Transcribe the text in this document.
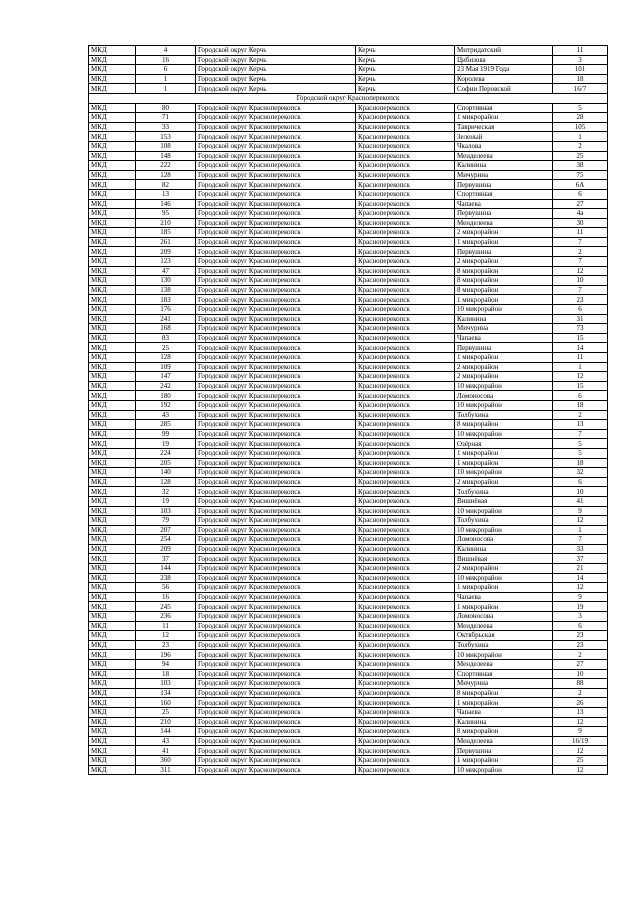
МКД	4	Городской округ Керчь	Керчь	Митридатский	11
МКД	16	Городской округ Керчь	Керчь	Цибизова	3
МКД	6	Городской округ Керчь	Керчь	23 Мая 1919 Года	101
МКД	1	Городской округ Керчь	Керчь	Королева	18
МКД	1	Городской округ Керчь	Керчь	Софии Перовской	16/7
Городской округ Красноперекопск					
МКД	80	Городской округ Красноперекопск	Красноперекопск	Спортивная	5
МКД	71	Городской округ Красноперекопск	Красноперекопск	1 микрорайон	28
МКД	33	Городской округ Красноперекопск	Красноперекопск	Таврическая	105
МКД	153	Городской округ Красноперекопск	Красноперекопск	Зеленый	1
МКД	108	Городской округ Красноперекопск	Красноперекопск	Чкалова	2
МКД	148	Городской округ Красноперекопск	Красноперекопск	Менделеева	25
МКД	222	Городской округ Красноперекопск	Красноперекопск	Калинина	38
МКД	128	Городской округ Красноперекопск	Красноперекопск	Мичурина	75
МКД	82	Городской округ Красноперекопск	Красноперекопск	Первушина	6А
МКД	13	Городской округ Красноперекопск	Красноперекопск	Спортивная	6
МКД	146	Городской округ Красноперекопск	Красноперекопск	Чапаева	27
МКД	95	Городской округ Красноперекопск	Красноперекопск	Первушина	4а
МКД	210	Городской округ Красноперекопск	Красноперекопск	Менделеева	30
МКД	185	Городской округ Красноперекопск	Красноперекопск	2 микрорайон	11
МКД	261	Городской округ Красноперекопск	Красноперекопск	1 микрорайон	7
МКД	209	Городской округ Красноперекопск	Красноперекопск	Первушина	2
МКД	123	Городской округ Красноперекопск	Красноперекопск	2 микрорайон	7
МКД	47	Городской округ Красноперекопск	Красноперекопск	8 микрорайон	12
МКД	130	Городской округ Красноперекопск	Красноперекопск	8 микрорайон	10
МКД	138	Городской округ Красноперекопск	Красноперекопск	8 микрорайон	7
МКД	183	Городской округ Красноперекопск	Красноперекопск	1 микрорайон	23
МКД	176	Городской округ Красноперекопск	Красноперекопск	10 микрорайон	6
МКД	241	Городской округ Красноперекопск	Красноперекопск	Калинина	31
МКД	168	Городской округ Красноперекопск	Красноперекопск	Мичурина	73
МКД	83	Городской округ Красноперекопск	Красноперекопск	Чапаева	15
МКД	25	Городской округ Красноперекопск	Красноперекопск	Первушина	14
МКД	128	Городской округ Красноперекопск	Красноперекопск	1 микрорайон	11
МКД	109	Городской округ Красноперекопск	Красноперекопск	2 микрорайон	1
МКД	147	Городской округ Красноперекопск	Красноперекопск	2 микрорайон	12
МКД	242	Городской округ Красноперекопск	Красноперекопск	10 микрорайон	15
МКД	180	Городской округ Красноперекопск	Красноперекопск	Ломоносова	6
МКД	192	Городской округ Красноперекопск	Красноперекопск	10 микрорайон	18
МКД	43	Городской округ Красноперекопск	Красноперекопск	Толбухина	2
МКД	285	Городской округ Красноперекопск	Красноперекопск	8 микрорайон	13
МКД	99	Городской округ Красноперекопск	Красноперекопск	10 микрорайон	7
МКД	19	Городской округ Красноперекопск	Красноперекопск	Озёрная	5
МКД	224	Городской округ Красноперекопск	Красноперекопск	1 микрорайон	5
МКД	205	Городской округ Красноперекопск	Красноперекопск	1 микрорайон	18
МКД	140	Городской округ Красноперекопск	Красноперекопск	10 микрорайон	32
МКД	128	Городской округ Красноперекопск	Красноперекопск	2 микрорайон	6
МКД	32	Городской округ Красноперекопск	Красноперекопск	Толбухина	10
МКД	19	Городской округ Красноперекопск	Красноперекопск	Вишнёвая	41
МКД	103	Городской округ Красноперекопск	Красноперекопск	10 микрорайон	9
МКД	79	Городской округ Красноперекопск	Красноперекопск	Толбухина	12
МКД	207	Городской округ Красноперекопск	Красноперекопск	10 микрорайон	1
МКД	254	Городской округ Красноперекопск	Красноперекопск	Ломоносова	7
МКД	209	Городской округ Красноперекопск	Красноперекопск	Калинина	33
МКД	37	Городской округ Красноперекопск	Красноперекопск	Вишнёвая	37
МКД	144	Городской округ Красноперекопск	Красноперекопск	2 микрорайон	21
МКД	238	Городской округ Красноперекопск	Красноперекопск	10 микрорайон	14
МКД	56	Городской округ Красноперекопск	Красноперекопск	1 микрорайон	12
МКД	16	Городской округ Красноперекопск	Красноперекопск	Чапаева	9
МКД	245	Городской округ Красноперекопск	Красноперекопск	1 микрорайон	19
МКД	236	Городской округ Красноперекопск	Красноперекопск	Ломоносова	3
МКД	11	Городской округ Красноперекопск	Красноперекопск	Менделеева	6
МКД	12	Городской округ Красноперекопск	Красноперекопск	Октябрьская	23
МКД	23	Городской округ Красноперекопск	Красноперекопск	Толбухина	23
МКД	196	Городской округ Красноперекопск	Красноперекопск	10 микрорайон	2
МКД	94	Городской округ Красноперекопск	Красноперекопск	Менделеева	27
МКД	18	Городской округ Красноперекопск	Красноперекопск	Спортивная	10
МКД	103	Городской округ Красноперекопск	Красноперекопск	Мичурина	88
МКД	134	Городской округ Красноперекопск	Красноперекопск	8 микрорайон	2
МКД	160	Городской округ Красноперекопск	Красноперекопск	1 микрорайон	26
МКД	25	Городской округ Красноперекопск	Красноперекопск	Чапаева	13
МКД	210	Городской округ Красноперекопск	Красноперекопск	Калинина	12
МКД	144	Городской округ Красноперекопск	Красноперекопск	8 микрорайон	9
МКД	43	Городской округ Красноперекопск	Красноперекопск	Менделеева	16/19
МКД	41	Городской округ Красноперекопск	Красноперекопск	Первушина	12
МКД	360	Городской округ Красноперекопск	Красноперекопск	1 микрорайон	25
МКД	311	Городской округ Красноперекопск	Красноперекопск	10 микрорайон	12
